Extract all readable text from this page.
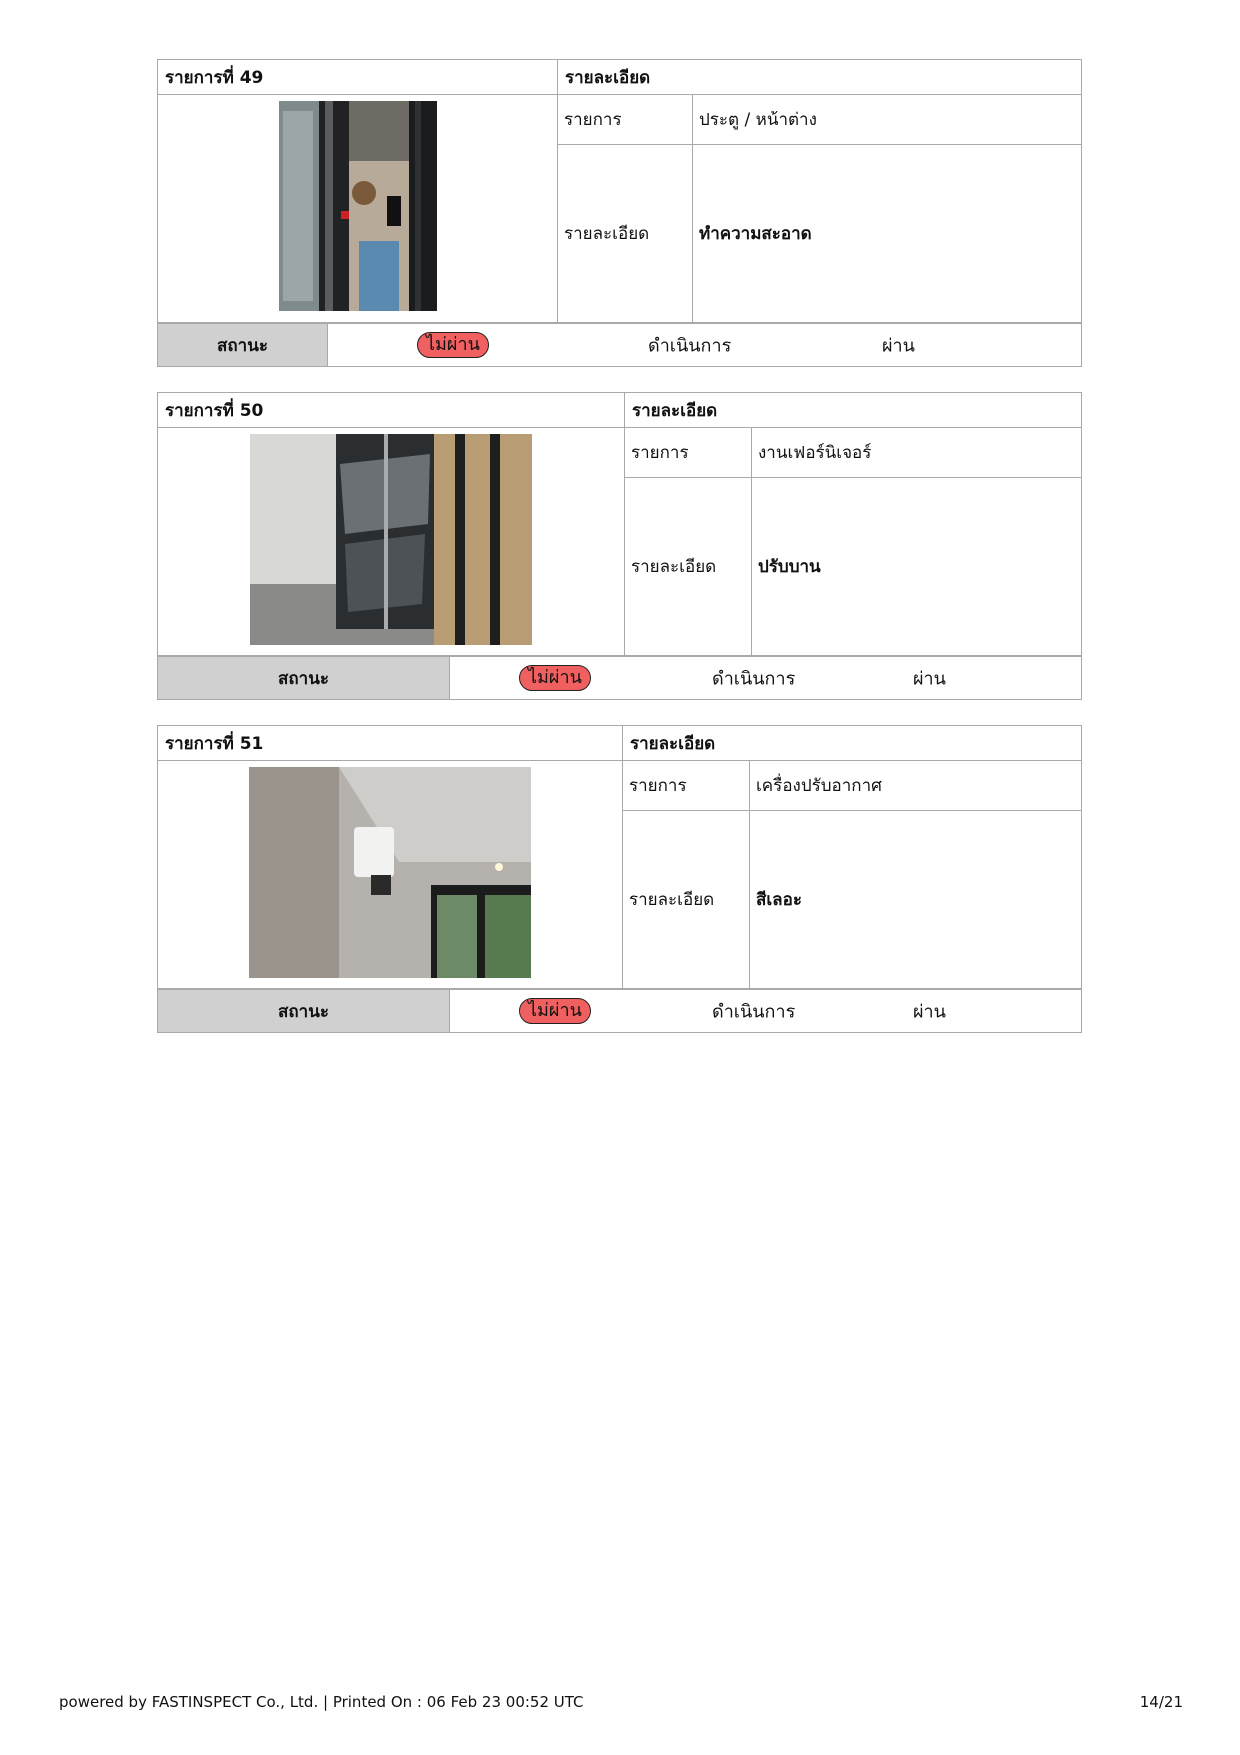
รายการที่ 49	รายละเอียด
รายการ	ประตู / หน้าต่าง
รายละเอียด	ทำความสะอาด
สถานะ	ไม่ผ่าน	ดำเนินการ	ผ่าน
รายการที่ 50	รายละเอียด
รายการ	งานเฟอร์นิเจอร์
รายละเอียด	ปรับบาน
สถานะ	ไม่ผ่าน	ดำเนินการ	ผ่าน
รายการที่ 51	รายละเอียด
รายการ	เครื่องปรับอากาศ
รายละเอียด	สีเลอะ
สถานะ	ไม่ผ่าน	ดำเนินการ	ผ่าน
powered by FASTINSPECT Co., Ltd. | Printed On : 06 Feb 23 00:52 UTC	14/21
